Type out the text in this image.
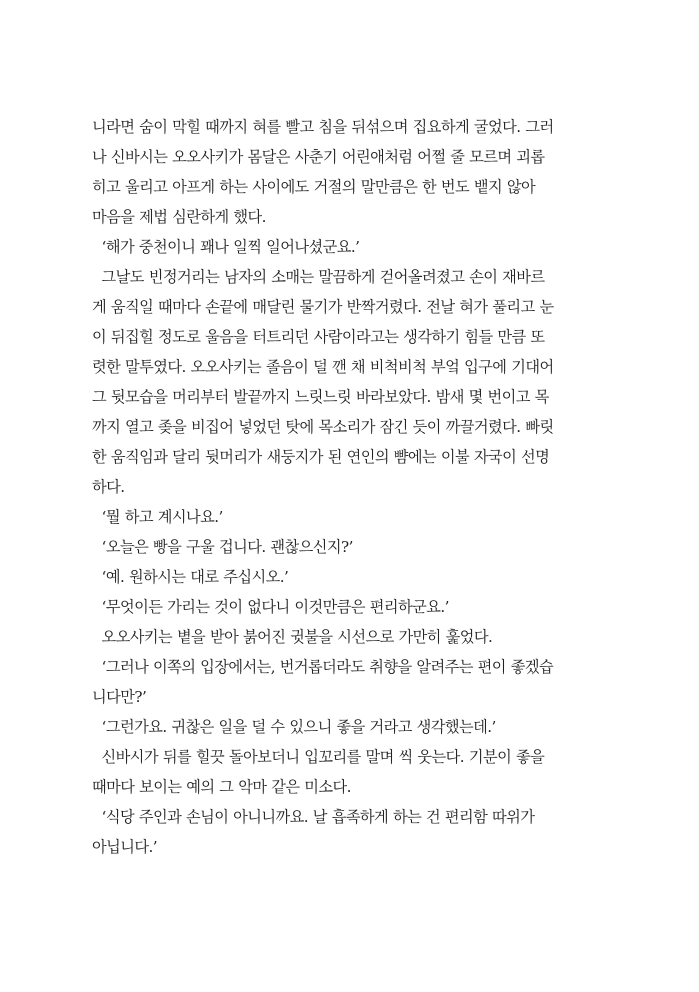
니라면 숨이 막힐 때까지 혀를 빨고 침을 뒤섞으며 집요하게 굴었다. 그러
나 신바시는 오오사키가 몸달은 사춘기 어린애처럼 어쩔 줄 모르며 괴롭
히고 울리고 아프게 하는 사이에도 거절의 말만큼은 한 번도 뱉지 않아
마음을 제법 심란하게 했다.
‘해가 중천이니 꽤나 일찍 일어나셨군요.’
그날도 빈정거리는 남자의 소매는 말끔하게 걷어올려졌고 손이 재바르
게 움직일 때마다 손끝에 매달린 물기가 반짝거렸다. 전날 혀가 풀리고 눈
이 뒤집힐 정도로 울음을 터트리던 사람이라고는 생각하기 힘들 만큼 또
렷한 말투였다. 오오사키는 졸음이 덜 깬 채 비척비척 부엌 입구에 기대어
그 뒷모습을 머리부터 발끝까지 느릿느릿 바라보았다. 밤새 몇 번이고 목
까지 열고 좆을 비집어 넣었던 탓에 목소리가 잠긴 듯이 까끌거렸다. 빠릿
한 움직임과 달리 뒷머리가 새둥지가 된 연인의 뺨에는 이불 자국이 선명
하다.
‘뭘 하고 계시나요.’
‘오늘은 빵을 구울 겁니다. 괜찮으신지?’
‘예. 원하시는 대로 주십시오.’
‘무엇이든 가리는 것이 없다니 이것만큼은 편리하군요.’
오오사키는 볕을 받아 붉어진 귓불을 시선으로 가만히 훑었다.
‘그러나 이쪽의 입장에서는, 번거롭더라도 취향을 알려주는 편이 좋겠습
니다만?’
‘그런가요. 귀찮은 일을 덜 수 있으니 좋을 거라고 생각했는데.’
신바시가 뒤를 힐끗 돌아보더니 입꼬리를 말며 씩 웃는다. 기분이 좋을
때마다 보이는 예의 그 악마 같은 미소다.
‘식당 주인과 손님이 아니니까요. 날 흡족하게 하는 건 편리함 따위가
아닙니다.’
